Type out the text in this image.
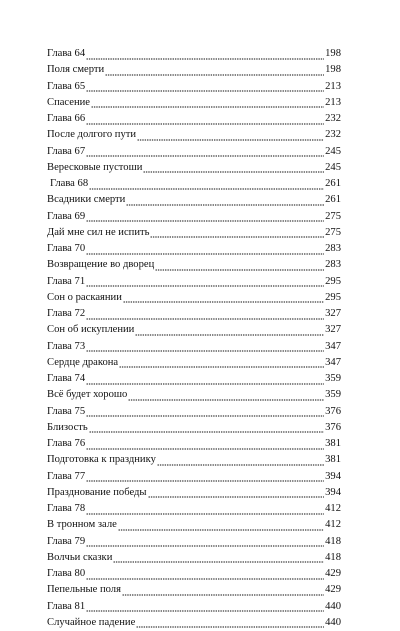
Глава 64	198
Поля смерти	198
Глава 65	213
Спасение	213
Глава 66	232
После долгого пути	232
Глава 67	245
Вересковые пустоши	245
Глава 68	261
Всадники смерти	261
Глава 69	275
Дай мне сил не испить	275
Глава 70	283
Возвращение во дворец	283
Глава 71	295
Сон о раскаянии	295
Глава 72	327
Сон об искуплении	327
Глава 73	347
Сердце дракона	347
Глава 74	359
Всё будет хорошо	359
Глава 75	376
Близость	376
Глава 76	381
Подготовка к празднику	381
Глава 77	394
Празднование победы	394
Глава 78	412
В тронном зале	412
Глава 79	418
Волчьи сказки	418
Глава 80	429
Пепельные поля	429
Глава 81	440
Случайное падение	440
